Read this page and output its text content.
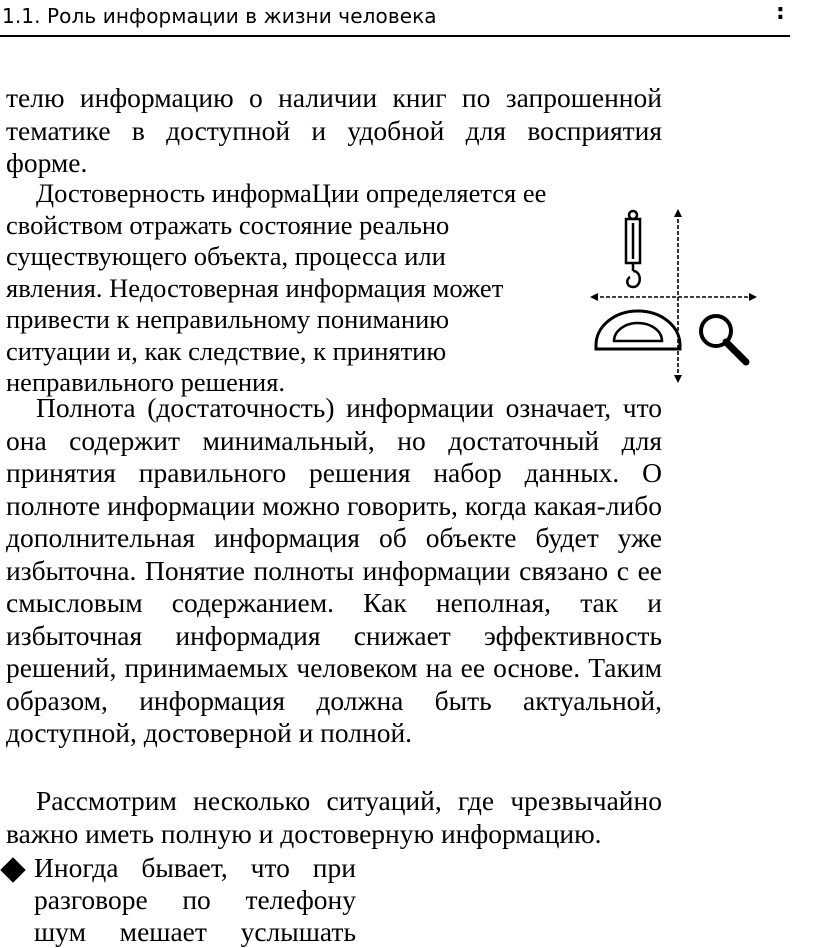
1.1. Роль информации в жизни человека	:

телю информацию о наличии книг по запрошенной тематике в доступной и удобной для восприятия форме.

Достоверность информаЦии определяется ее
свойством отражать состояние реально
существующего объекта, процесса или
явления. Недостоверная информация может
привести к неправильному пониманию
ситуации и, как следствие, к принятию
неправильного решения.

Полнота (достаточность) информации означает, что она содержит минимальный, но достаточный для принятия правильного решения набор данных. О полноте информации можно говорить, когда какая-либо дополнительная информация об объекте будет уже избыточна. Понятие полноты информации связано с ее смысловым содержанием. Как неполная, так и избыточная информадия снижает эффективность решений, принимаемых человеком на ее основе. Таким образом, информация должна быть актуальной, доступной, достоверной и полной.

Рассмотрим несколько ситуаций, где чрезвычайно важно иметь полную и достоверную информацию.

Иногда бывает, что при разговоре по телефону шум мешает услышать
